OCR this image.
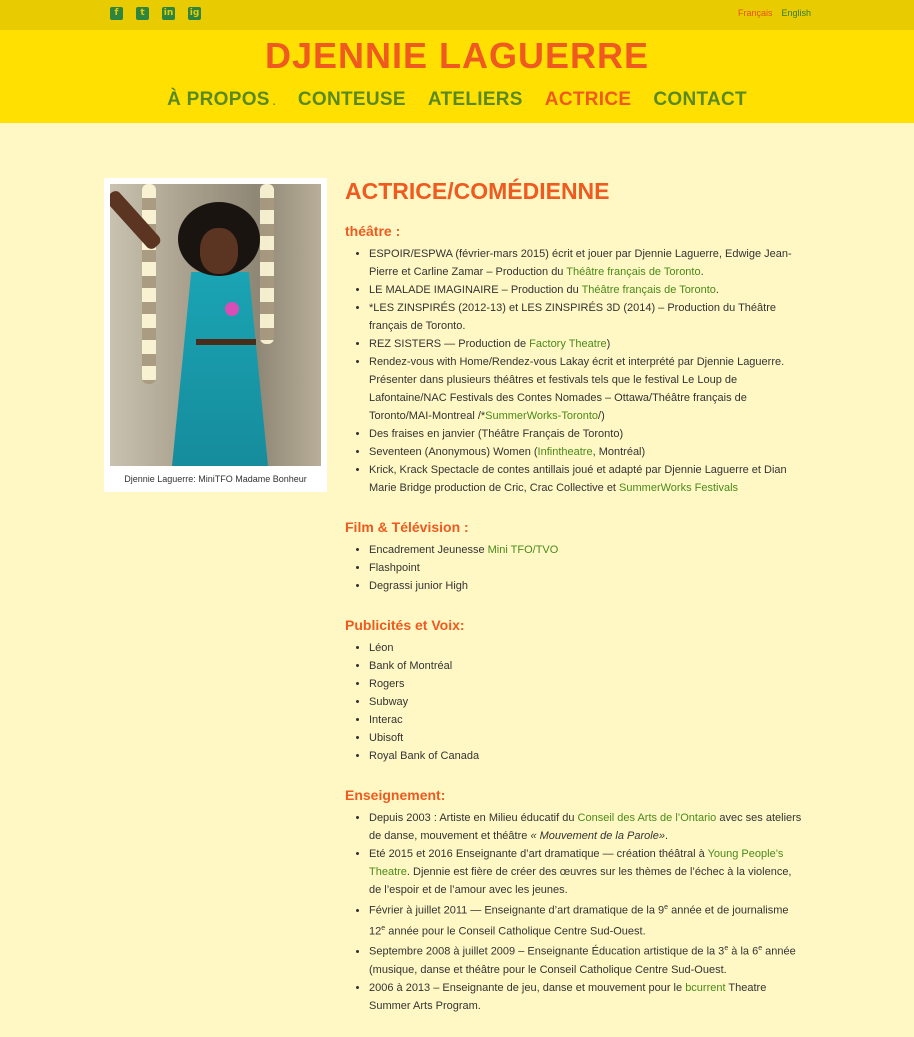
f	t	in ig	Français English
DJENNIE LAGUERRE
À PROPOS . CONTEUSE ATELIERS ACTRICE CONTACT
Djennie Laguerre: MiniTFO Madame Bonheur
ACTRICE/COMÉDIENNE
théâtre :
• ESPOIR/ESPWA (février-mars 2015) écrit et jouer par Djennie Laguerre, Edwige Jean-Pierre et Carline Zamar – Production du Théâtre français de Toronto.
• LE MALADE IMAGINAIRE – Production du Théâtre français de Toronto.
• *LES ZINSPIRÉS (2012-13) et LES ZINSPIRÉS 3D (2014) – Production du Théâtre français de Toronto.
• REZ SISTERS — Production de Factory Theatre)
• Rendez-vous with Home/Rendez-vous Lakay écrit et interprété par Djennie Laguerre. Présenter dans plusieurs théâtres et festivals tels que le festival Le Loup de Lafontaine/NAC Festivals des Contes Nomades – Ottawa/Théâtre français de Toronto/MAI-Montreal /*SummerWorks-Toronto/)
• Des fraises en janvier (Théâtre Français de Toronto)
• Seventeen (Anonymous) Women (Infintheatre, Montréal)
• Krick, Krack Spectacle de contes antillais joué et adapté par Djennie Laguerre et Dian Marie Bridge production de Cric, Crac Collective et SummerWorks Festivals
Film & Télévision :
• Encadrement Jeunesse Mini TFO/TVO
• Flashpoint
• Degrassi junior High
Publicités et Voix:
• Léon
• Bank of Montréal
• Rogers
• Subway
• Interac
• Ubisoft
• Royal Bank of Canada
Enseignement:
• Depuis 2003 : Artiste en Milieu éducatif du Conseil des Arts de l’Ontario avec ses ateliers de danse, mouvement et théâtre « Mouvement de la Parole».
• Eté 2015 et 2016 Enseignante d’art dramatique — création théâtral à Young People’s Theatre. Djennie est fière de créer des œuvres sur les thèmes de l’échec à la violence, de l’espoir et de l’amour avec les jeunes.
• Février à juillet 2011 — Enseignante d’art dramatique de la 9e année et de journalisme 12e année pour le Conseil Catholique Centre Sud-Ouest.
• Septembre 2008 à juillet 2009 – Enseignante Éducation artistique de la 3e à la 6e année (musique, danse et théâtre pour le Conseil Catholique Centre Sud-Ouest.
• 2006 à 2013 – Enseignante de jeu, danse et mouvement pour le bcurrent Theatre Summer Arts Program.
